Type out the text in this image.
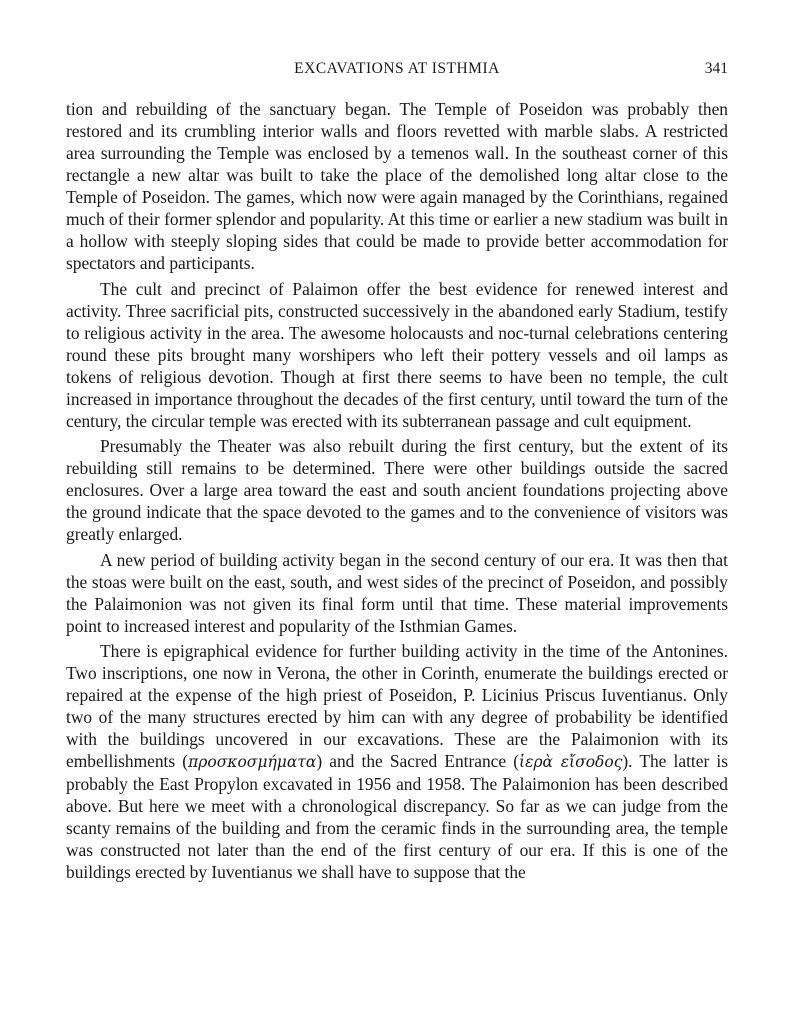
EXCAVATIONS AT ISTHMIA	341

tion and rebuilding of the sanctuary began. The Temple of Poseidon was probably then restored and its crumbling interior walls and floors revetted with marble slabs. A restricted area surrounding the Temple was enclosed by a temenos wall. In the southeast corner of this rectangle a new altar was built to take the place of the demolished long altar close to the Temple of Poseidon. The games, which now were again managed by the Corinthians, regained much of their former splendor and popularity. At this time or earlier a new stadium was built in a hollow with steeply sloping sides that could be made to provide better accommodation for spectators and participants.

The cult and precinct of Palaimon offer the best evidence for renewed interest and activity. Three sacrificial pits, constructed successively in the abandoned early Stadium, testify to religious activity in the area. The awesome holocausts and noc-turnal celebrations centering round these pits brought many worshipers who left their pottery vessels and oil lamps as tokens of religious devotion. Though at first there seems to have been no temple, the cult increased in importance throughout the decades of the first century, until toward the turn of the century, the circular temple was erected with its subterranean passage and cult equipment.

Presumably the Theater was also rebuilt during the first century, but the extent of its rebuilding still remains to be determined. There were other buildings outside the sacred enclosures. Over a large area toward the east and south ancient foundations projecting above the ground indicate that the space devoted to the games and to the convenience of visitors was greatly enlarged.

A new period of building activity began in the second century of our era. It was then that the stoas were built on the east, south, and west sides of the precinct of Poseidon, and possibly the Palaimonion was not given its final form until that time. These material improvements point to increased interest and popularity of the Isthmian Games.

There is epigraphical evidence for further building activity in the time of the Antonines. Two inscriptions, one now in Verona, the other in Corinth, enumerate the buildings erected or repaired at the expense of the high priest of Poseidon, P. Licinius Priscus Iuventianus. Only two of the many structures erected by him can with any degree of probability be identified with the buildings uncovered in our excavations. These are the Palaimonion with its embellishments (προσκοσμήματα) and the Sacred Entrance (ἱερὰ εἴσοδος). The latter is probably the East Propylon excavated in 1956 and 1958. The Palaimonion has been described above. But here we meet with a chronological discrepancy. So far as we can judge from the scanty remains of the building and from the ceramic finds in the surrounding area, the temple was constructed not later than the end of the first century of our era. If this is one of the buildings erected by Iuventianus we shall have to suppose that the
